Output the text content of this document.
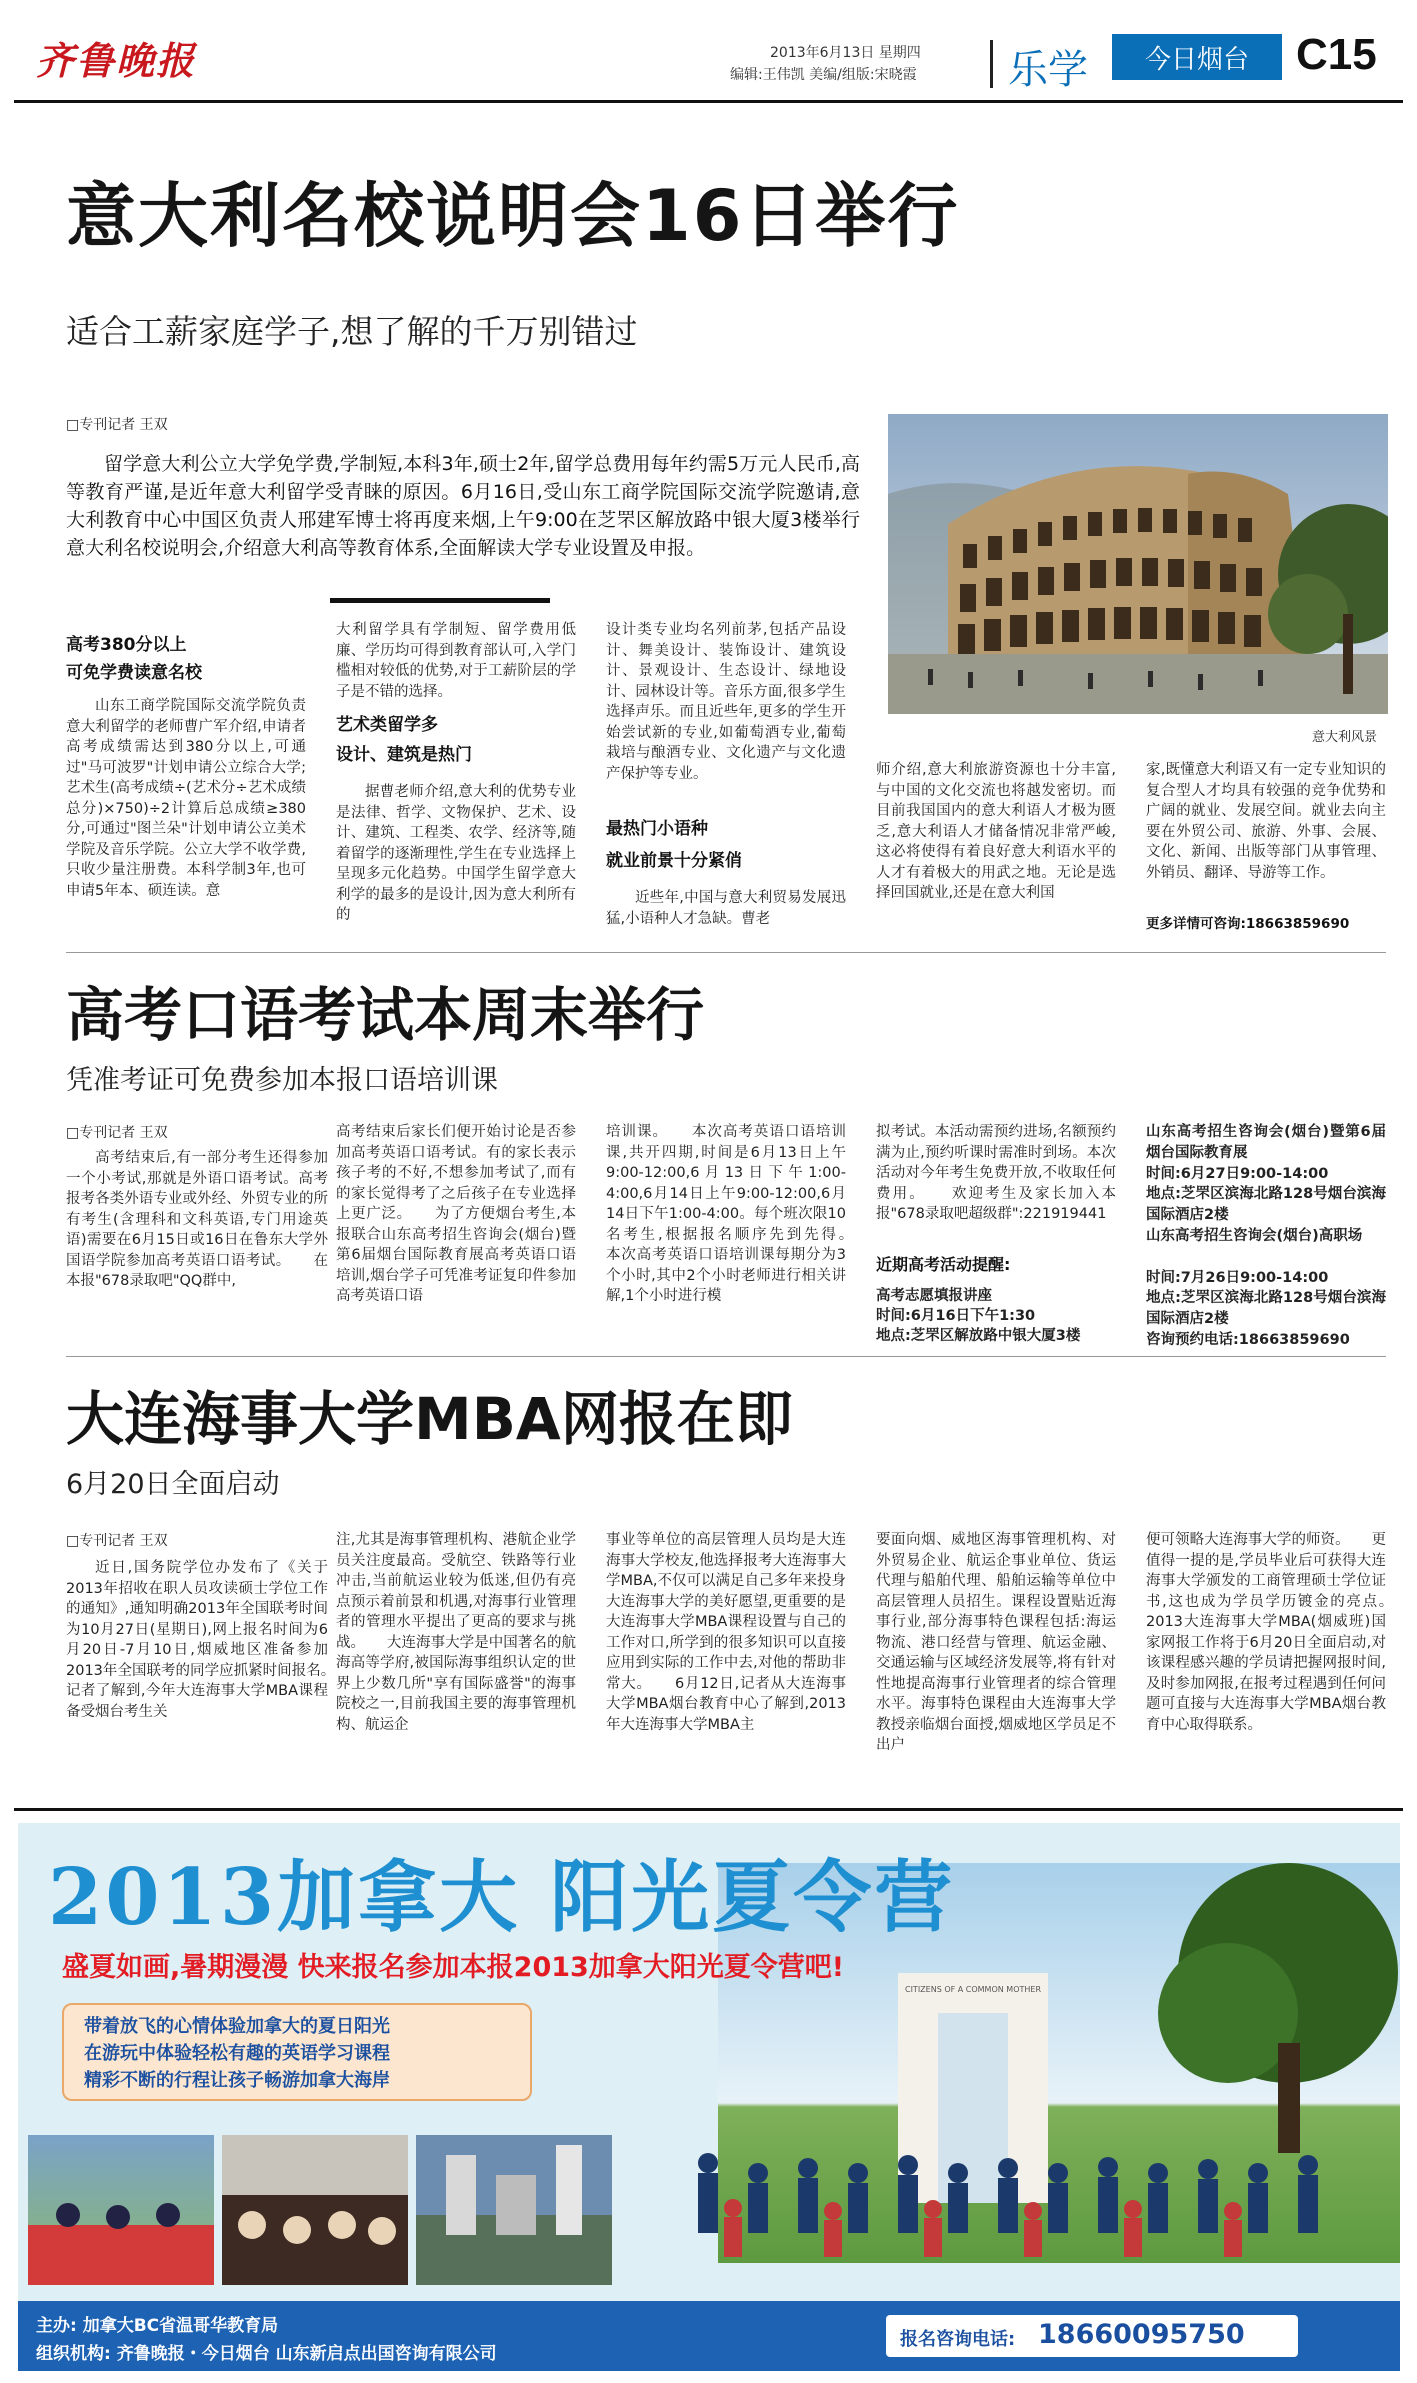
齐鲁晚报	2013年6月13日 星期四
编辑:王伟凯 美编/组版:宋晓霞 乐学	今日烟台	C15
意大利名校说明会16日举行
适合工薪家庭学子,想了解的千万别错过
□专刊记者 王双
留学意大利公立大学免学费,学制短,本科3年,硕士2年,留学总费用每年约需5万元人民币,高等教育严谨,是近年意大利留学受青睐的原因。6月16日,受山东工商学院国际交流学院邀请,意大利教育中心中国区负责人邢建军博士将再度来烟,上午9:00在芝罘区解放路中银大厦3楼举行意大利名校说明会,介绍意大利高等教育体系,全面解读大学专业设置及申报。
意大利风景
高考380分以上
可免学费读意名校
山东工商学院国际交流学院负责意大利留学的老师曹广军介绍,申请者高考成绩需达到380分以上,可通过"马可波罗"计划申请公立综合大学;艺术生(高考成绩÷(艺术分÷艺术成绩总分)×750)÷2计算后总成绩≥380分,可通过"图兰朵"计划申请公立美术学院及音乐学院。公立大学不收学费,只收少量注册费。本科学制3年,也可申请5年本、硕连读。意
大利留学具有学制短、留学费用低廉、学历均可得到教育部认可,入学门槛相对较低的优势,对于工薪阶层的学子是不错的选择。
艺术类留学多
设计、建筑是热门
据曹老师介绍,意大利的优势专业是法律、哲学、文物保护、艺术、设计、建筑、工程类、农学、经济等,随着留学的逐渐理性,学生在专业选择上呈现多元化趋势。中国学生留学意大利学的最多的是设计,因为意大利所有的
设计类专业均名列前茅,包括产品设计、舞美设计、装饰设计、建筑设计、景观设计、生态设计、绿地设计、园林设计等。音乐方面,很多学生选择声乐。而且近些年,更多的学生开始尝试新的专业,如葡萄酒专业,葡萄栽培与酿酒专业、文化遗产与文化遗产保护等专业。
最热门小语种
就业前景十分紧俏
近些年,中国与意大利贸易发展迅猛,小语种人才急缺。曹老
师介绍,意大利旅游资源也十分丰富,与中国的文化交流也将越发密切。而目前我国国内的意大利语人才极为匮乏,意大利语人才储备情况非常严峻,这必将使得有着良好意大利语水平的人才有着极大的用武之地。无论是选择回国就业,还是在意大利国
家,既懂意大利语又有一定专业知识的复合型人才均具有较强的竞争优势和广阔的就业、发展空间。就业去向主要在外贸公司、旅游、外事、会展、文化、新闻、出版等部门从事管理、外销员、翻译、导游等工作。
更多详情可咨询:18663859690
高考口语考试本周末举行
凭准考证可免费参加本报口语培训课
□专刊记者 王双
高考结束后,有一部分考生还得参加一个小考试,那就是外语口语考试。高考报考各类外语专业或外经、外贸专业的所有考生(含理科和文科英语,专门用途英语)需要在6月15日或16日在鲁东大学外国语学院参加高考英语口语考试。　　在本报"678录取吧"QQ群中,
高考结束后家长们便开始讨论是否参加高考英语口语考试。有的家长表示孩子考的不好,不想参加考试了,而有的家长觉得考了之后孩子在专业选择上更广泛。　　为了方便烟台考生,本报联合山东高考招生咨询会(烟台)暨第6届烟台国际教育展高考英语口语培训,烟台学子可凭准考证复印件参加高考英语口语
培训课。　　本次高考英语口语培训课,共开四期,时间是6月13日上午9:00-12:00,6月13日下午1:00-4:00,6月14日上午9:00-12:00,6月14日下午1:00-4:00。每个班次限10名考生,根据报名顺序先到先得。　　本次高考英语口语培训课每期分为3个小时,其中2个小时老师进行相关讲解,1个小时进行模
拟考试。本活动需预约进场,名额预约满为止,预约听课时需准时到场。本次活动对今年考生免费开放,不收取任何费用。　　欢迎考生及家长加入本报"678录取吧超级群":221919441
近期高考活动提醒:
高考志愿填报讲座
时间:6月16日下午1:30
地点:芝罘区解放路中银大厦3楼
山东高考招生咨询会(烟台)暨第6届烟台国际教育展
时间:6月27日9:00-14:00
地点:芝罘区滨海北路128号烟台滨海国际酒店2楼
山东高考招生咨询会(烟台)高职场
时间:7月26日9:00-14:00
地点:芝罘区滨海北路128号烟台滨海国际酒店2楼
咨询预约电话:18663859690
大连海事大学MBA网报在即
6月20日全面启动
□专刊记者 王双
近日,国务院学位办发布了《关于2013年招收在职人员攻读硕士学位工作的通知》,通知明确2013年全国联考时间为10月27日(星期日),网上报名时间为6月20日-7月10日,烟威地区准备参加2013年全国联考的同学应抓紧时间报名。　　记者了解到,今年大连海事大学MBA课程备受烟台考生关
注,尤其是海事管理机构、港航企业学员关注度最高。受航空、铁路等行业冲击,当前航运业较为低迷,但仍有亮点预示着前景和机遇,对海事行业管理者的管理水平提出了更高的要求与挑战。　　大连海事大学是中国著名的航海高等学府,被国际海事组织认定的世界上少数几所"享有国际盛誉"的海事院校之一,目前我国主要的海事管理机构、航运企
事业等单位的高层管理人员均是大连海事大学校友,他选择报考大连海事大学MBA,不仅可以满足自己多年来投身大连海事大学的美好愿望,更重要的是大连海事大学MBA课程设置与自己的工作对口,所学到的很多知识可以直接应用到实际的工作中去,对他的帮助非常大。　　6月12日,记者从大连海事大学MBA烟台教育中心了解到,2013年大连海事大学MBA主
要面向烟、威地区海事管理机构、对外贸易企业、航运企事业单位、货运代理与船舶代理、船舶运输等单位中高层管理人员招生。课程设置贴近海事行业,部分海事特色课程包括:海运物流、港口经营与管理、航运金融、交通运输与区域经济发展等,将有针对性地提高海事行业管理者的综合管理水平。海事特色课程由大连海事大学教授亲临烟台面授,烟威地区学员足不出户
便可领略大连海事大学的师资。　　更值得一提的是,学员毕业后可获得大连海事大学颁发的工商管理硕士学位证书,这也成为学员学历镀金的亮点。　　2013大连海事大学MBA(烟威班)国家网报工作将于6月20日全面启动,对该课程感兴趣的学员请把握网报时间,及时参加网报,在报考过程遇到任何问题可直接与大连海事大学MBA烟台教育中心取得联系。
CITIZENS OF A COMMON MOTHER
2013加拿大 阳光夏令营
盛夏如画,暑期漫漫 快来报名参加本报2013加拿大阳光夏令营吧!
带着放飞的心情体验加拿大的夏日阳光
在游玩中体验轻松有趣的英语学习课程
精彩不断的行程让孩子畅游加拿大海岸
主办: 加拿大BC省温哥华教育局
组织机构: 齐鲁晚报・今日烟台 山东新启点出国咨询有限公司
报名咨询电话: 18660095750
